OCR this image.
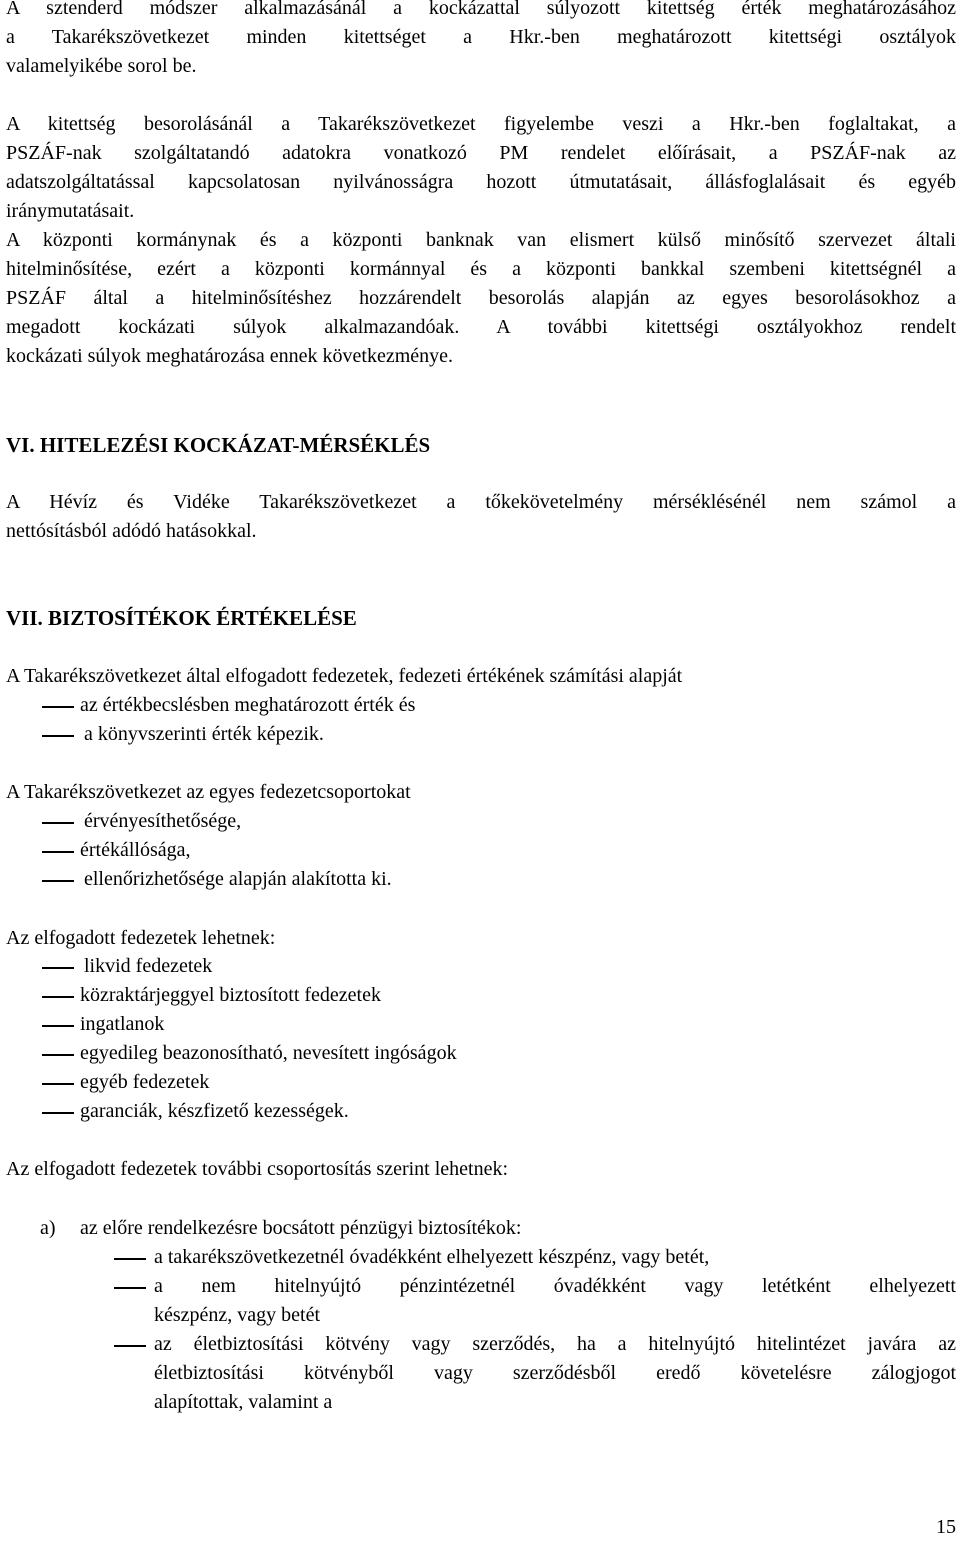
A sztenderd módszer alkalmazásánál a kockázattal súlyozott kitettség érték meghatározásához
a Takarékszövetkezet minden kitettséget a Hkr.-ben meghatározott kitettségi osztályok
valamelyikébe sorol be.
A kitettség besorolásánál a Takarékszövetkezet figyelembe veszi a Hkr.-ben foglaltakat, a
PSZÁF-nak szolgáltatandó adatokra vonatkozó PM rendelet előírásait, a PSZÁF-nak az
adatszolgáltatással kapcsolatosan nyilvánosságra hozott útmutatásait, állásfoglalásait és egyéb
iránymutatásait.
A központi kormánynak és a központi banknak van elismert külső minősítő szervezet általi
hitelminősítése, ezért a központi kormánnyal és a központi bankkal szembeni kitettségnél a
PSZÁF által a hitelminősítéshez hozzárendelt besorolás alapján az egyes besorolásokhoz a
megadott kockázati súlyok alkalmazandóak. A további kitettségi osztályokhoz rendelt
kockázati súlyok meghatározása ennek következménye.
VI. HITELEZÉSI KOCKÁZAT-MÉRSÉKLÉS
A Hévíz és Vidéke Takarékszövetkezet a tőkekövetelmény mérséklésénél nem számol a
nettósításból adódó hatásokkal.
VII. BIZTOSÍTÉKOK ÉRTÉKELÉSE
A Takarékszövetkezet által elfogadott fedezetek, fedezeti értékének számítási alapját
az értékbecslésben meghatározott érték és
a könyvszerinti érték képezik.
A Takarékszövetkezet az egyes fedezetcsoportokat
érvényesíthetősége,
értékállósága,
ellenőrizhetősége alapján alakította ki.
Az elfogadott fedezetek lehetnek:
likvid fedezetek
közraktárjeggyel biztosított fedezetek
ingatlanok
egyedileg beazonosítható, nevesített ingóságok
egyéb fedezetek
garanciák, készfizető kezességek.
Az elfogadott fedezetek további csoportosítás szerint lehetnek:
a) az előre rendelkezésre bocsátott pénzügyi biztosítékok:
a takarékszövetkezetnél óvadékként elhelyezett készpénz, vagy betét,
a nem hitelnyújtó pénzintézetnél óvadékként vagy letétként elhelyezett
készpénz, vagy betét
az életbiztosítási kötvény vagy szerződés, ha a hitelnyújtó hitelintézet javára az
életbiztosítási kötvényből vagy szerződésből eredő követelésre zálogjogot
alapítottak, valamint a
15
